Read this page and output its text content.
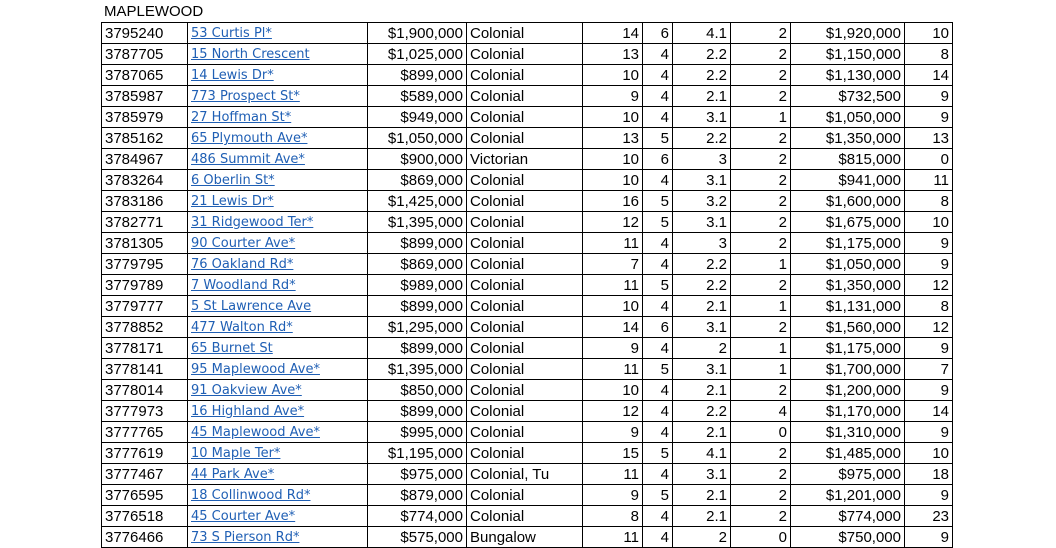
MAPLEWOOD
3795240	53 Curtis Pl*	$1,900,000	Colonial	14	6	4.1	2	$1,920,000	10
3787705	15 North Crescent	$1,025,000	Colonial	13	4	2.2	2	$1,150,000	8
3787065	14 Lewis Dr*	$899,000	Colonial	10	4	2.2	2	$1,130,000	14
3785987	773 Prospect St*	$589,000	Colonial	9	4	2.1	2	$732,500	9
3785979	27 Hoffman St*	$949,000	Colonial	10	4	3.1	1	$1,050,000	9
3785162	65 Plymouth Ave*	$1,050,000	Colonial	13	5	2.2	2	$1,350,000	13
3784967	486 Summit Ave*	$900,000	Victorian	10	6	3	2	$815,000	0
3783264	6 Oberlin St*	$869,000	Colonial	10	4	3.1	2	$941,000	11
3783186	21 Lewis Dr*	$1,425,000	Colonial	16	5	3.2	2	$1,600,000	8
3782771	31 Ridgewood Ter*	$1,395,000	Colonial	12	5	3.1	2	$1,675,000	10
3781305	90 Courter Ave*	$899,000	Colonial	11	4	3	2	$1,175,000	9
3779795	76 Oakland Rd*	$869,000	Colonial	7	4	2.2	1	$1,050,000	9
3779789	7 Woodland Rd*	$989,000	Colonial	11	5	2.2	2	$1,350,000	12
3779777	5 St Lawrence Ave	$899,000	Colonial	10	4	2.1	1	$1,131,000	8
3778852	477 Walton Rd*	$1,295,000	Colonial	14	6	3.1	2	$1,560,000	12
3778171	65 Burnet St	$899,000	Colonial	9	4	2	1	$1,175,000	9
3778141	95 Maplewood Ave*	$1,395,000	Colonial	11	5	3.1	1	$1,700,000	7
3778014	91 Oakview Ave*	$850,000	Colonial	10	4	2.1	2	$1,200,000	9
3777973	16 Highland Ave*	$899,000	Colonial	12	4	2.2	4	$1,170,000	14
3777765	45 Maplewood Ave*	$995,000	Colonial	9	4	2.1	0	$1,310,000	9
3777619	10 Maple Ter*	$1,195,000	Colonial	15	5	4.1	2	$1,485,000	10
3777467	44 Park Ave*	$975,000	Colonial, Tu	11	4	3.1	2	$975,000	18
3776595	18 Collinwood Rd*	$879,000	Colonial	9	5	2.1	2	$1,201,000	9
3776518	45 Courter Ave*	$774,000	Colonial	8	4	2.1	2	$774,000	23
3776466	73 S Pierson Rd*	$575,000	Bungalow	11	4	2	0	$750,000	9
